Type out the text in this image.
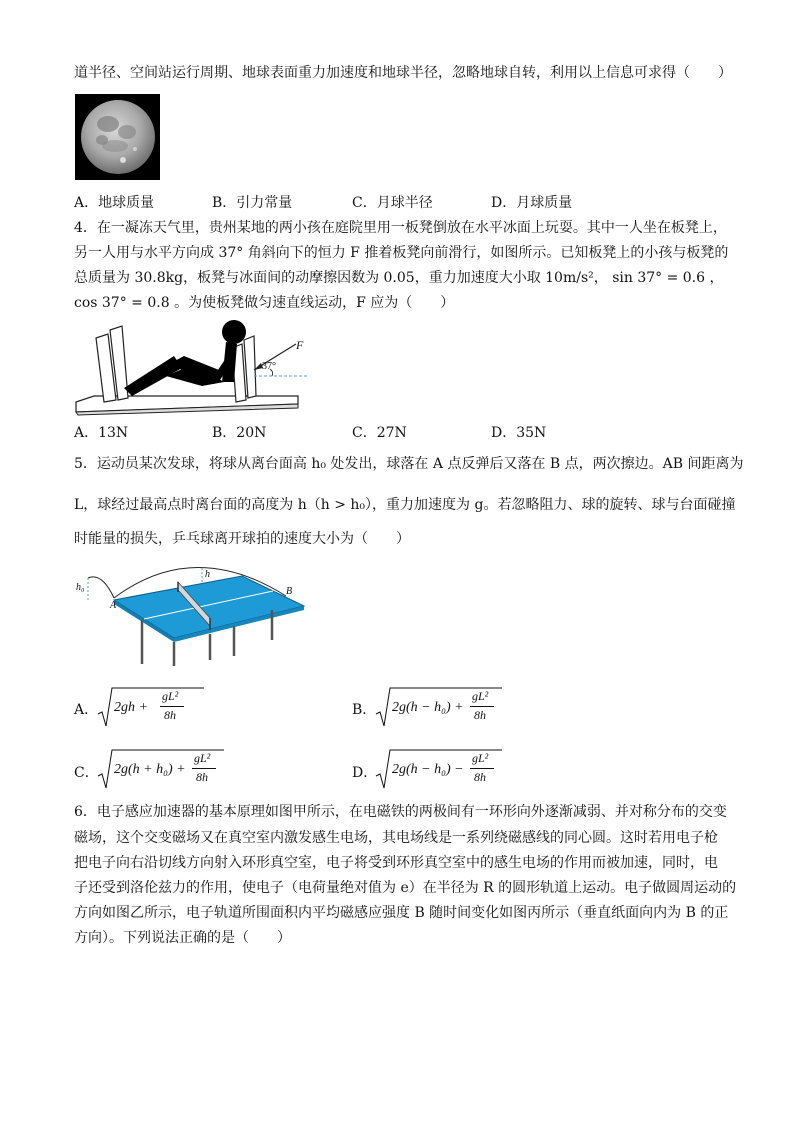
道半径、空间站运行周期、地球表面重力加速度和地球半径，忽略地球自转，利用以上信息可求得（　　）
A．地球质量	B．引力常量	C．月球半径	D．月球质量
4．在一凝冻天气里，贵州某地的两小孩在庭院里用一板凳倒放在水平冰面上玩耍。其中一人坐在板凳上，
另一人用与水平方向成 37° 角斜向下的恒力 F 推着板凳向前滑行，如图所示。已知板凳上的小孩与板凳的
总质量为 30.8kg，板凳与冰面间的动摩擦因数为 0.05，重力加速度大小取 10m/s²， sin 37° = 0.6 ，
cos 37° = 0.8 。为使板凳做匀速直线运动，F 应为（　　）
F
37°
A．13N	B．20N	C．27N	D．35N
5．运动员某次发球，将球从离台面高 h₀ 处发出，球落在 A 点反弹后又落在 B 点，两次擦边。AB 间距离为
L，球经过最高点时离台面的高度为 h（h > h₀），重力加速度为 g。若忽略阻力、球的旋转、球与台面碰撞
时能量的损失，乒乓球离开球拍的速度大小为（　　）
h₀
h
A
B
A． 2gh +
gL²
8h	B． 2g(h − h₀) +
gL²
8h
C． 2g(h + h₀) +
gL²
8h	D． 2g(h − h₀) −
gL²
8h
6．电子感应加速器的基本原理如图甲所示，在电磁铁的两极间有一环形向外逐渐减弱、并对称分布的交变
磁场，这个交变磁场又在真空室内激发感生电场，其电场线是一系列绕磁感线的同心圆。这时若用电子枪
把电子向右沿切线方向射入环形真空室，电子将受到环形真空室中的感生电场的作用而被加速，同时，电
子还受到洛伦兹力的作用，使电子（电荷量绝对值为 e）在半径为 R 的圆形轨道上运动。电子做圆周运动的
方向如图乙所示，电子轨道所围面积内平均磁感应强度 B 随时间变化如图丙所示（垂直纸面向内为 B 的正
方向）。下列说法正确的是（　　）
